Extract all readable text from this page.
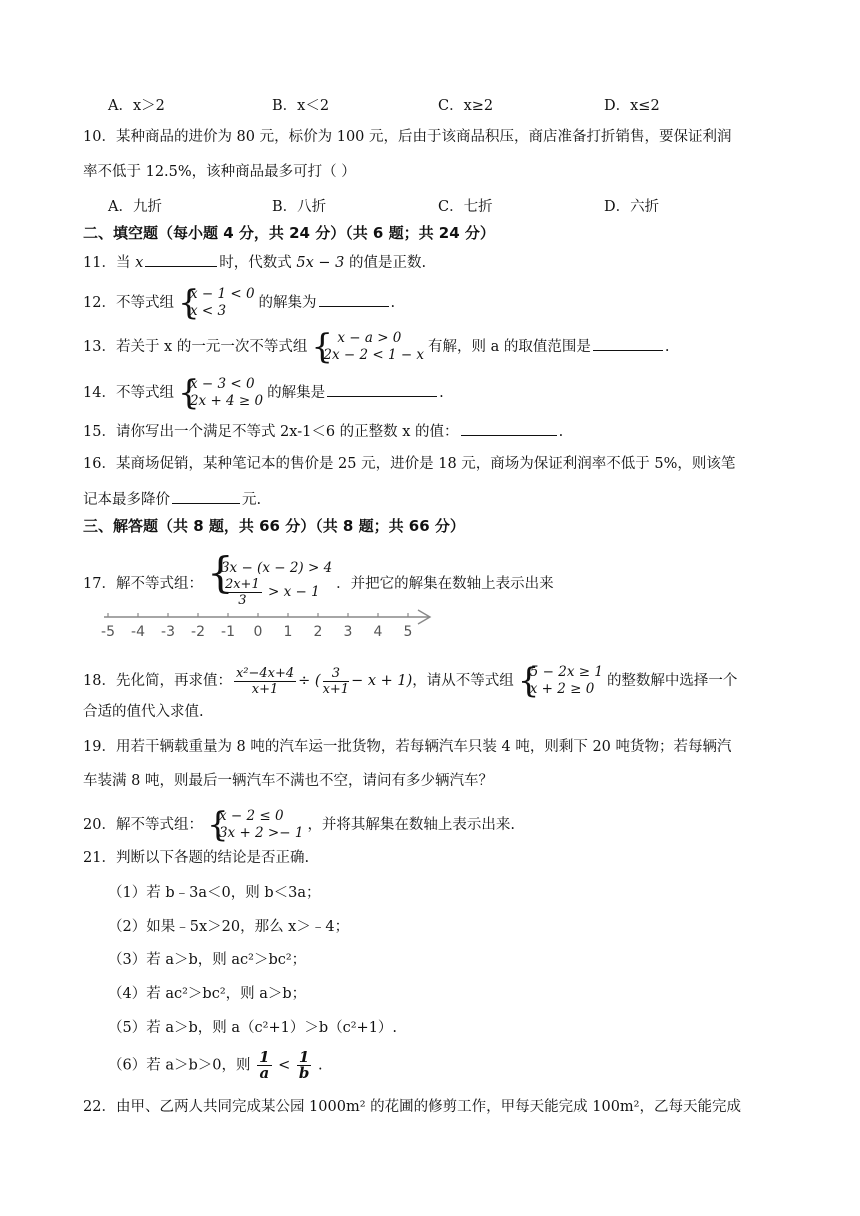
A．x＞2	B．x＜2	C．x≥2	D．x≤2
10．某种商品的进价为 80 元，标价为 100 元，后由于该商品积压，商店准备打折销售，要保证利润
率不低于 12.5%，该种商品最多可打（ ）
A．九折	B．八折	C．七折	D．六折
二、填空题（每小题 4 分，共 24 分）（共 6 题；共 24 分）
11．当 x	时，代数式 5x − 3 的值是正数.
12．不等式组 {
x − 1 < 0
x < 3	的解集为	.
13．若关于 x 的一元一次不等式组 { x − a > 0
2x − 2 < 1 − x 有解，则 a 的取值范围是	.
14．不等式组 {
x − 3 < 0
2x + 4 ≥ 0 的解集是	.
15．请你写出一个满足不等式 2x-1＜6 的正整数 x 的值：	.
16．某商场促销，某种笔记本的售价是 25 元，进价是 18 元，商场为保证利润率不低于 5%，则该笔
记本最多降价	元.
三、解答题（共 8 题，共 66 分）（共 8 题；共 66 分）
17．解不等式组： {
3x − (x − 2) > 4
$\frac{2x+1}{3} > x - 1$	．并把它的解集在数轴上表示出来
-5 -4 -3 -2 -1 0 1 2 3 4 5
18．先化简，再求值： $\frac{\text{x²−4x+4}}{x+1}$ ÷ ( $\frac{3}{x+1} - x + 1$)，请从不等式组 {
5 − 2x ≥ 1
x + 2 ≥ 0 的整数解中选择一个
合适的值代入求值.
19．用若干辆载重量为 8 吨的汽车运一批货物，若每辆汽车只装 4 吨，则剩下 20 吨货物；若每辆汽
车装满 8 吨，则最后一辆汽车不满也不空，请问有多少辆汽车？
20．解不等式组： {
x − 2 ≤ 0
3x + 2 >− 1 ，并将其解集在数轴上表示出来.
21．判断以下各题的结论是否正确.
（1）若 b﹣3a＜0，则 b＜3a；
（2）如果﹣5x＞20，那么 x＞﹣4；
（3）若 a＞b，则 ac²＞bc²；
（4）若 ac²＞bc²，则 a＞b；
（5）若 a＞b，则 a（c²+1）＞b（c²+1）.
（6）若 a＞b＞0，则 $\frac{1}{a} < \frac{1}{b}$ .
22．由甲、乙两人共同完成某公园 1000m² 的花圃的修剪工作，甲每天能完成 100m²，乙每天能完成
